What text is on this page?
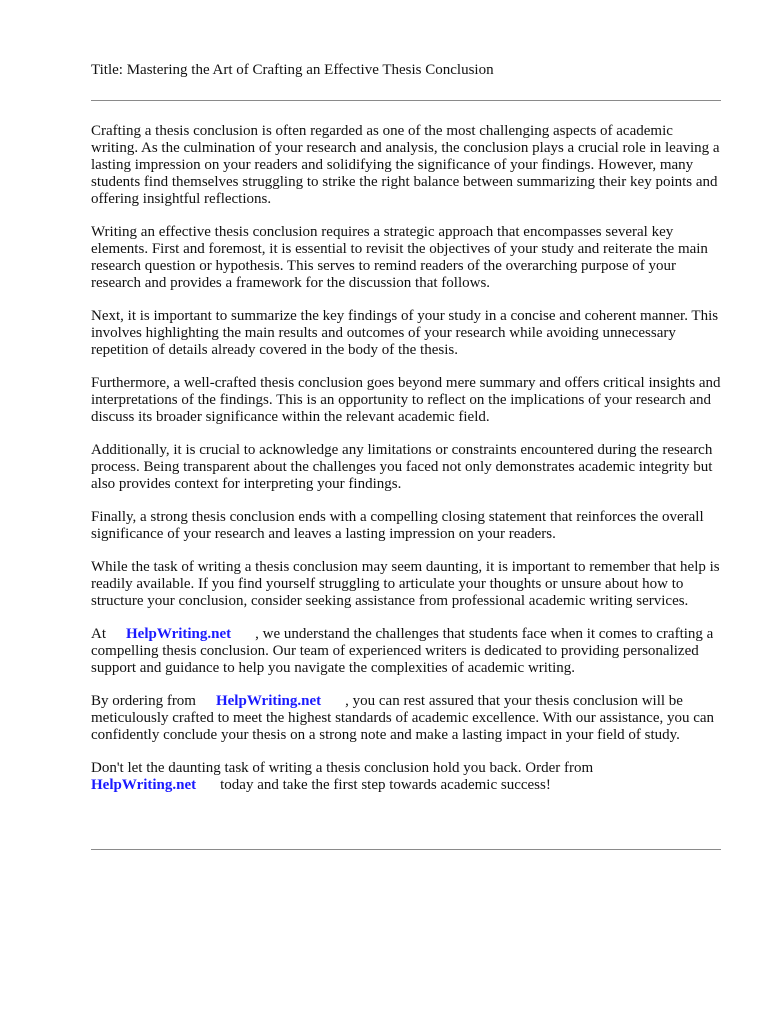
Title: Mastering the Art of Crafting an Effective Thesis Conclusion

Crafting a thesis conclusion is often regarded as one of the most challenging aspects of academic writing. As the culmination of your research and analysis, the conclusion plays a crucial role in leaving a lasting impression on your readers and solidifying the significance of your findings. However, many students find themselves struggling to strike the right balance between summarizing their key points and offering insightful reflections.

Writing an effective thesis conclusion requires a strategic approach that encompasses several key elements. First and foremost, it is essential to revisit the objectives of your study and reiterate the main research question or hypothesis. This serves to remind readers of the overarching purpose of your research and provides a framework for the discussion that follows.

Next, it is important to summarize the key findings of your study in a concise and coherent manner. This involves highlighting the main results and outcomes of your research while avoiding unnecessary repetition of details already covered in the body of the thesis.

Furthermore, a well-crafted thesis conclusion goes beyond mere summary and offers critical insights and interpretations of the findings. This is an opportunity to reflect on the implications of your research and discuss its broader significance within the relevant academic field.

Additionally, it is crucial to acknowledge any limitations or constraints encountered during the research process. Being transparent about the challenges you faced not only demonstrates academic integrity but also provides context for interpreting your findings.

Finally, a strong thesis conclusion ends with a compelling closing statement that reinforces the overall significance of your research and leaves a lasting impression on your readers.

While the task of writing a thesis conclusion may seem daunting, it is important to remember that help is readily available. If you find yourself struggling to articulate your thoughts or unsure about how to structure your conclusion, consider seeking assistance from professional academic writing services.

At HelpWriting.net , we understand the challenges that students face when it comes to crafting a compelling thesis conclusion. Our team of experienced writers is dedicated to providing personalized support and guidance to help you navigate the complexities of academic writing.

By ordering from HelpWriting.net , you can rest assured that your thesis conclusion will be meticulously crafted to meet the highest standards of academic excellence. With our assistance, you can confidently conclude your thesis on a strong note and make a lasting impact in your field of study.

Don't let the daunting task of writing a thesis conclusion hold you back. Order from
HelpWriting.net today and take the first step towards academic success!
